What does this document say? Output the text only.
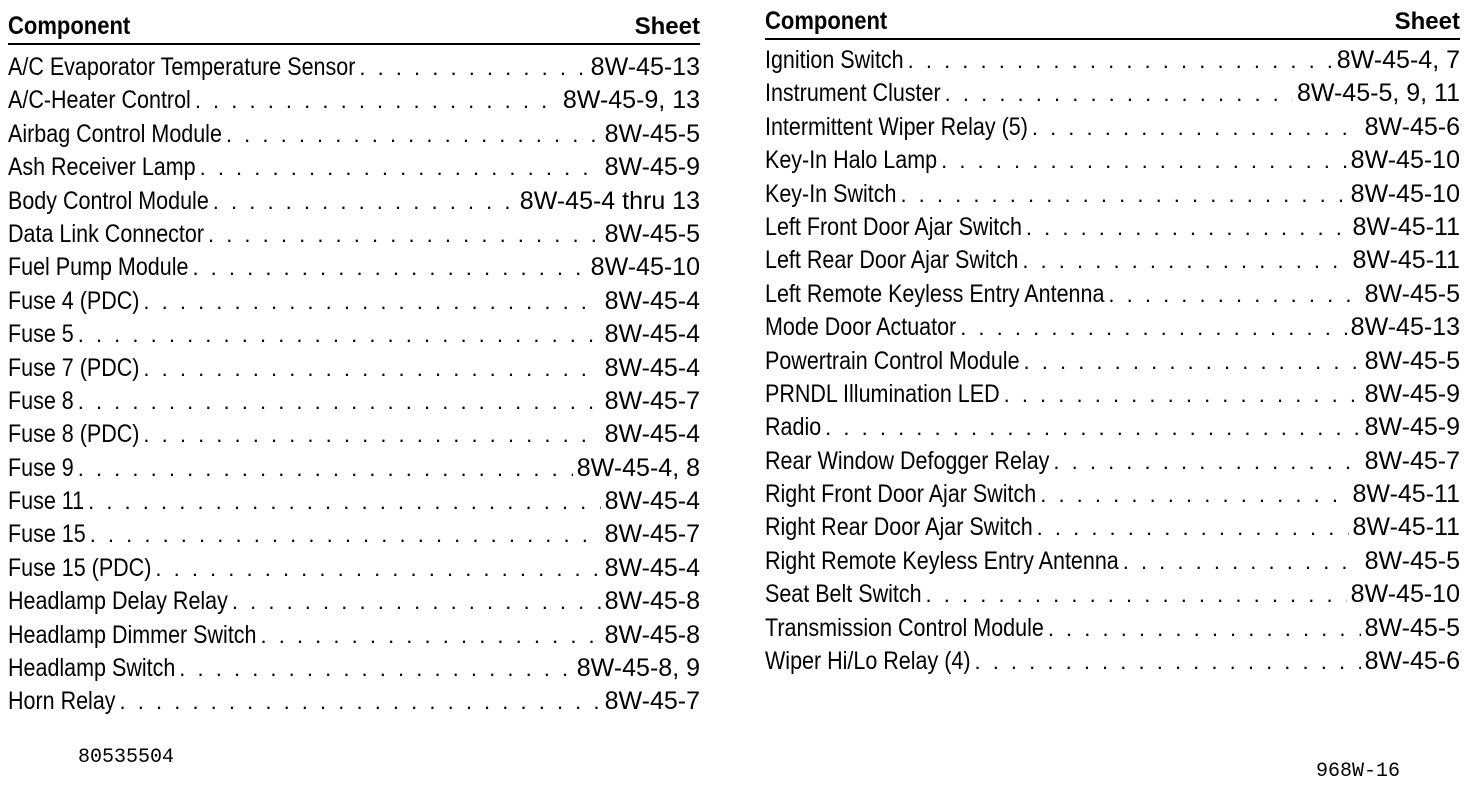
Component	Sheet
A/C Evaporator Temperature Sensor . . .	8W-45-13
A/C-Heater Control . . .	8W-45-9, 13
Airbag Control Module . . .	8W-45-5
Ash Receiver Lamp . . .	8W-45-9
Body Control Module . . .	8W-45-4 thru 13
Data Link Connector . . .	8W-45-5
Fuel Pump Module . . .	8W-45-10
Fuse 4 (PDC) . . .	8W-45-4
Fuse 5 . . .	8W-45-4
Fuse 7 (PDC) . . .	8W-45-4
Fuse 8 . . .	8W-45-7
Fuse 8 (PDC) . . .	8W-45-4
Fuse 9 . . .	8W-45-4, 8
Fuse 11 . . .	8W-45-4
Fuse 15 . . .	8W-45-7
Fuse 15 (PDC) . . .	8W-45-4
Headlamp Delay Relay . . .	8W-45-8
Headlamp Dimmer Switch . . .	8W-45-8
Headlamp Switch . . .	8W-45-8, 9
Horn Relay . . .	8W-45-7
Component	Sheet
Ignition Switch . . .	8W-45-4, 7
Instrument Cluster . . .	8W-45-5, 9, 11
Intermittent Wiper Relay (5) . . .	8W-45-6
Key-In Halo Lamp . . .	8W-45-10
Key-In Switch . . .	8W-45-10
Left Front Door Ajar Switch . . .	8W-45-11
Left Rear Door Ajar Switch . . .	8W-45-11
Left Remote Keyless Entry Antenna . . .	8W-45-5
Mode Door Actuator . . .	8W-45-13
Powertrain Control Module . . .	8W-45-5
PRNDL Illumination LED . . .	8W-45-9
Radio . . .	8W-45-9
Rear Window Defogger Relay . . .	8W-45-7
Right Front Door Ajar Switch . . .	8W-45-11
Right Rear Door Ajar Switch . . .	8W-45-11
Right Remote Keyless Entry Antenna . . .	8W-45-5
Seat Belt Switch . . .	8W-45-10
Transmission Control Module . . .	8W-45-5
Wiper Hi/Lo Relay (4) . . .	8W-45-6
80535504
968W-16
